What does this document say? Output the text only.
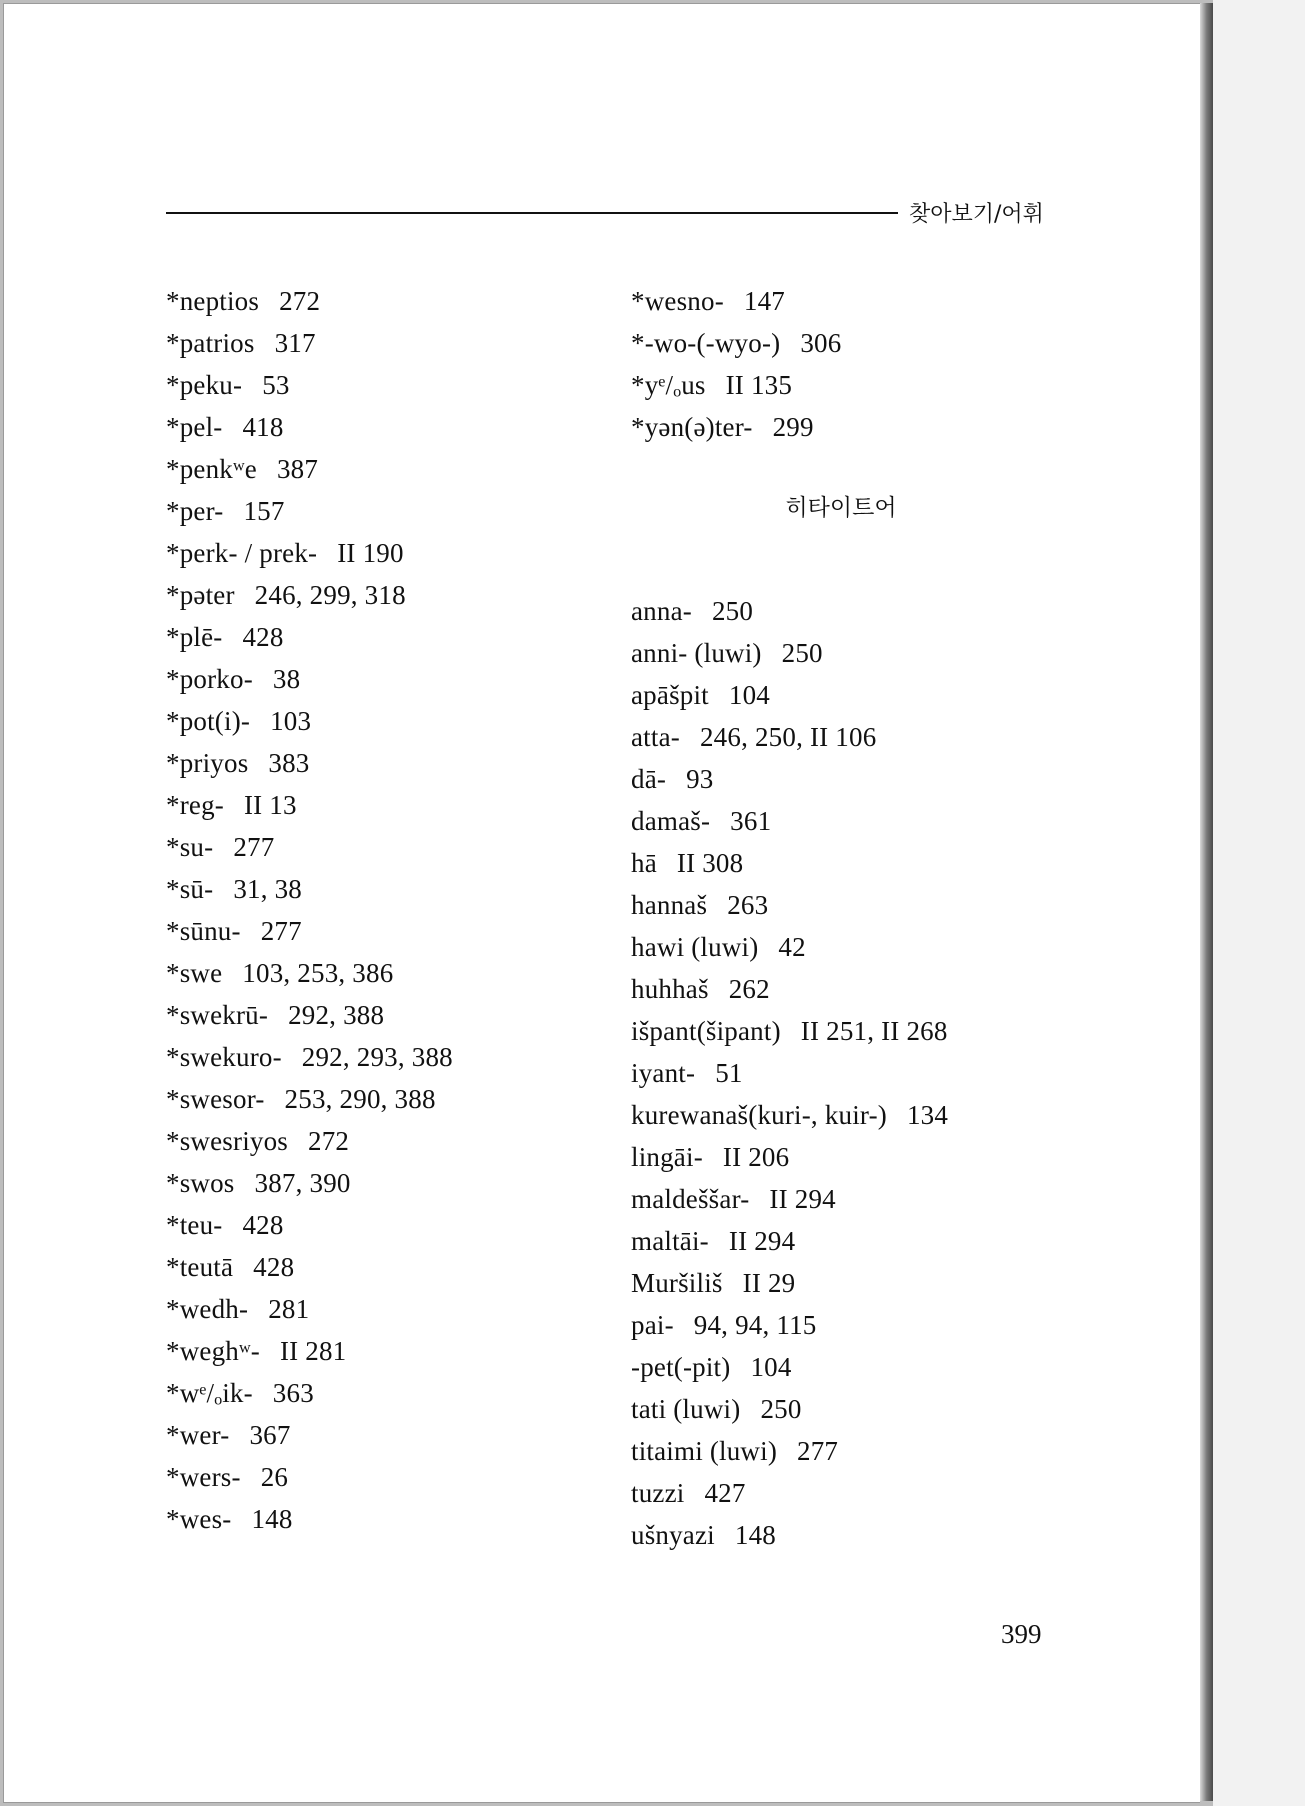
찾아보기/어휘
*neptios 272
*patrios 317
*peku- 53
*pel- 418
*penkʷe 387
*per- 157
*perk- / prek- II 190
*pəter 246, 299, 318
*plē- 428
*porko- 38
*pot(i)- 103
*priyos 383
*reg- II 13
*su- 277
*sū- 31, 38
*sūnu- 277
*swe 103, 253, 386
*swekrū- 292, 388
*swekuro- 292, 293, 388
*swesor- 253, 290, 388
*swesriyos 272
*swos 387, 390
*teu- 428
*teutā 428
*wedh- 281
*weghʷ- II 281
*wᵉ/ₒik- 363
*wer- 367
*wers- 26
*wes- 148
*wesno- 147
*-wo-(-wyo-) 306
*yᵉ/ₒus II 135
*yən(ə)ter- 299
히타이트어
anna- 250
anni- (luwi) 250
apāšpit 104
atta- 246, 250, II 106
dā- 93
damaš- 361
hā II 308
hannaš 263
hawi (luwi) 42
huhhaš 262
išpant(šipant) II 251, II 268
iyant- 51
kurewanaš(kuri-, kuir-) 134
lingāi- II 206
maldeššar- II 294
maltāi- II 294
Muršiliš II 29
pai- 94, 94, 115
-pet(-pit) 104
tati (luwi) 250
titaimi (luwi) 277
tuzzi 427
ušnyazi 148
399
